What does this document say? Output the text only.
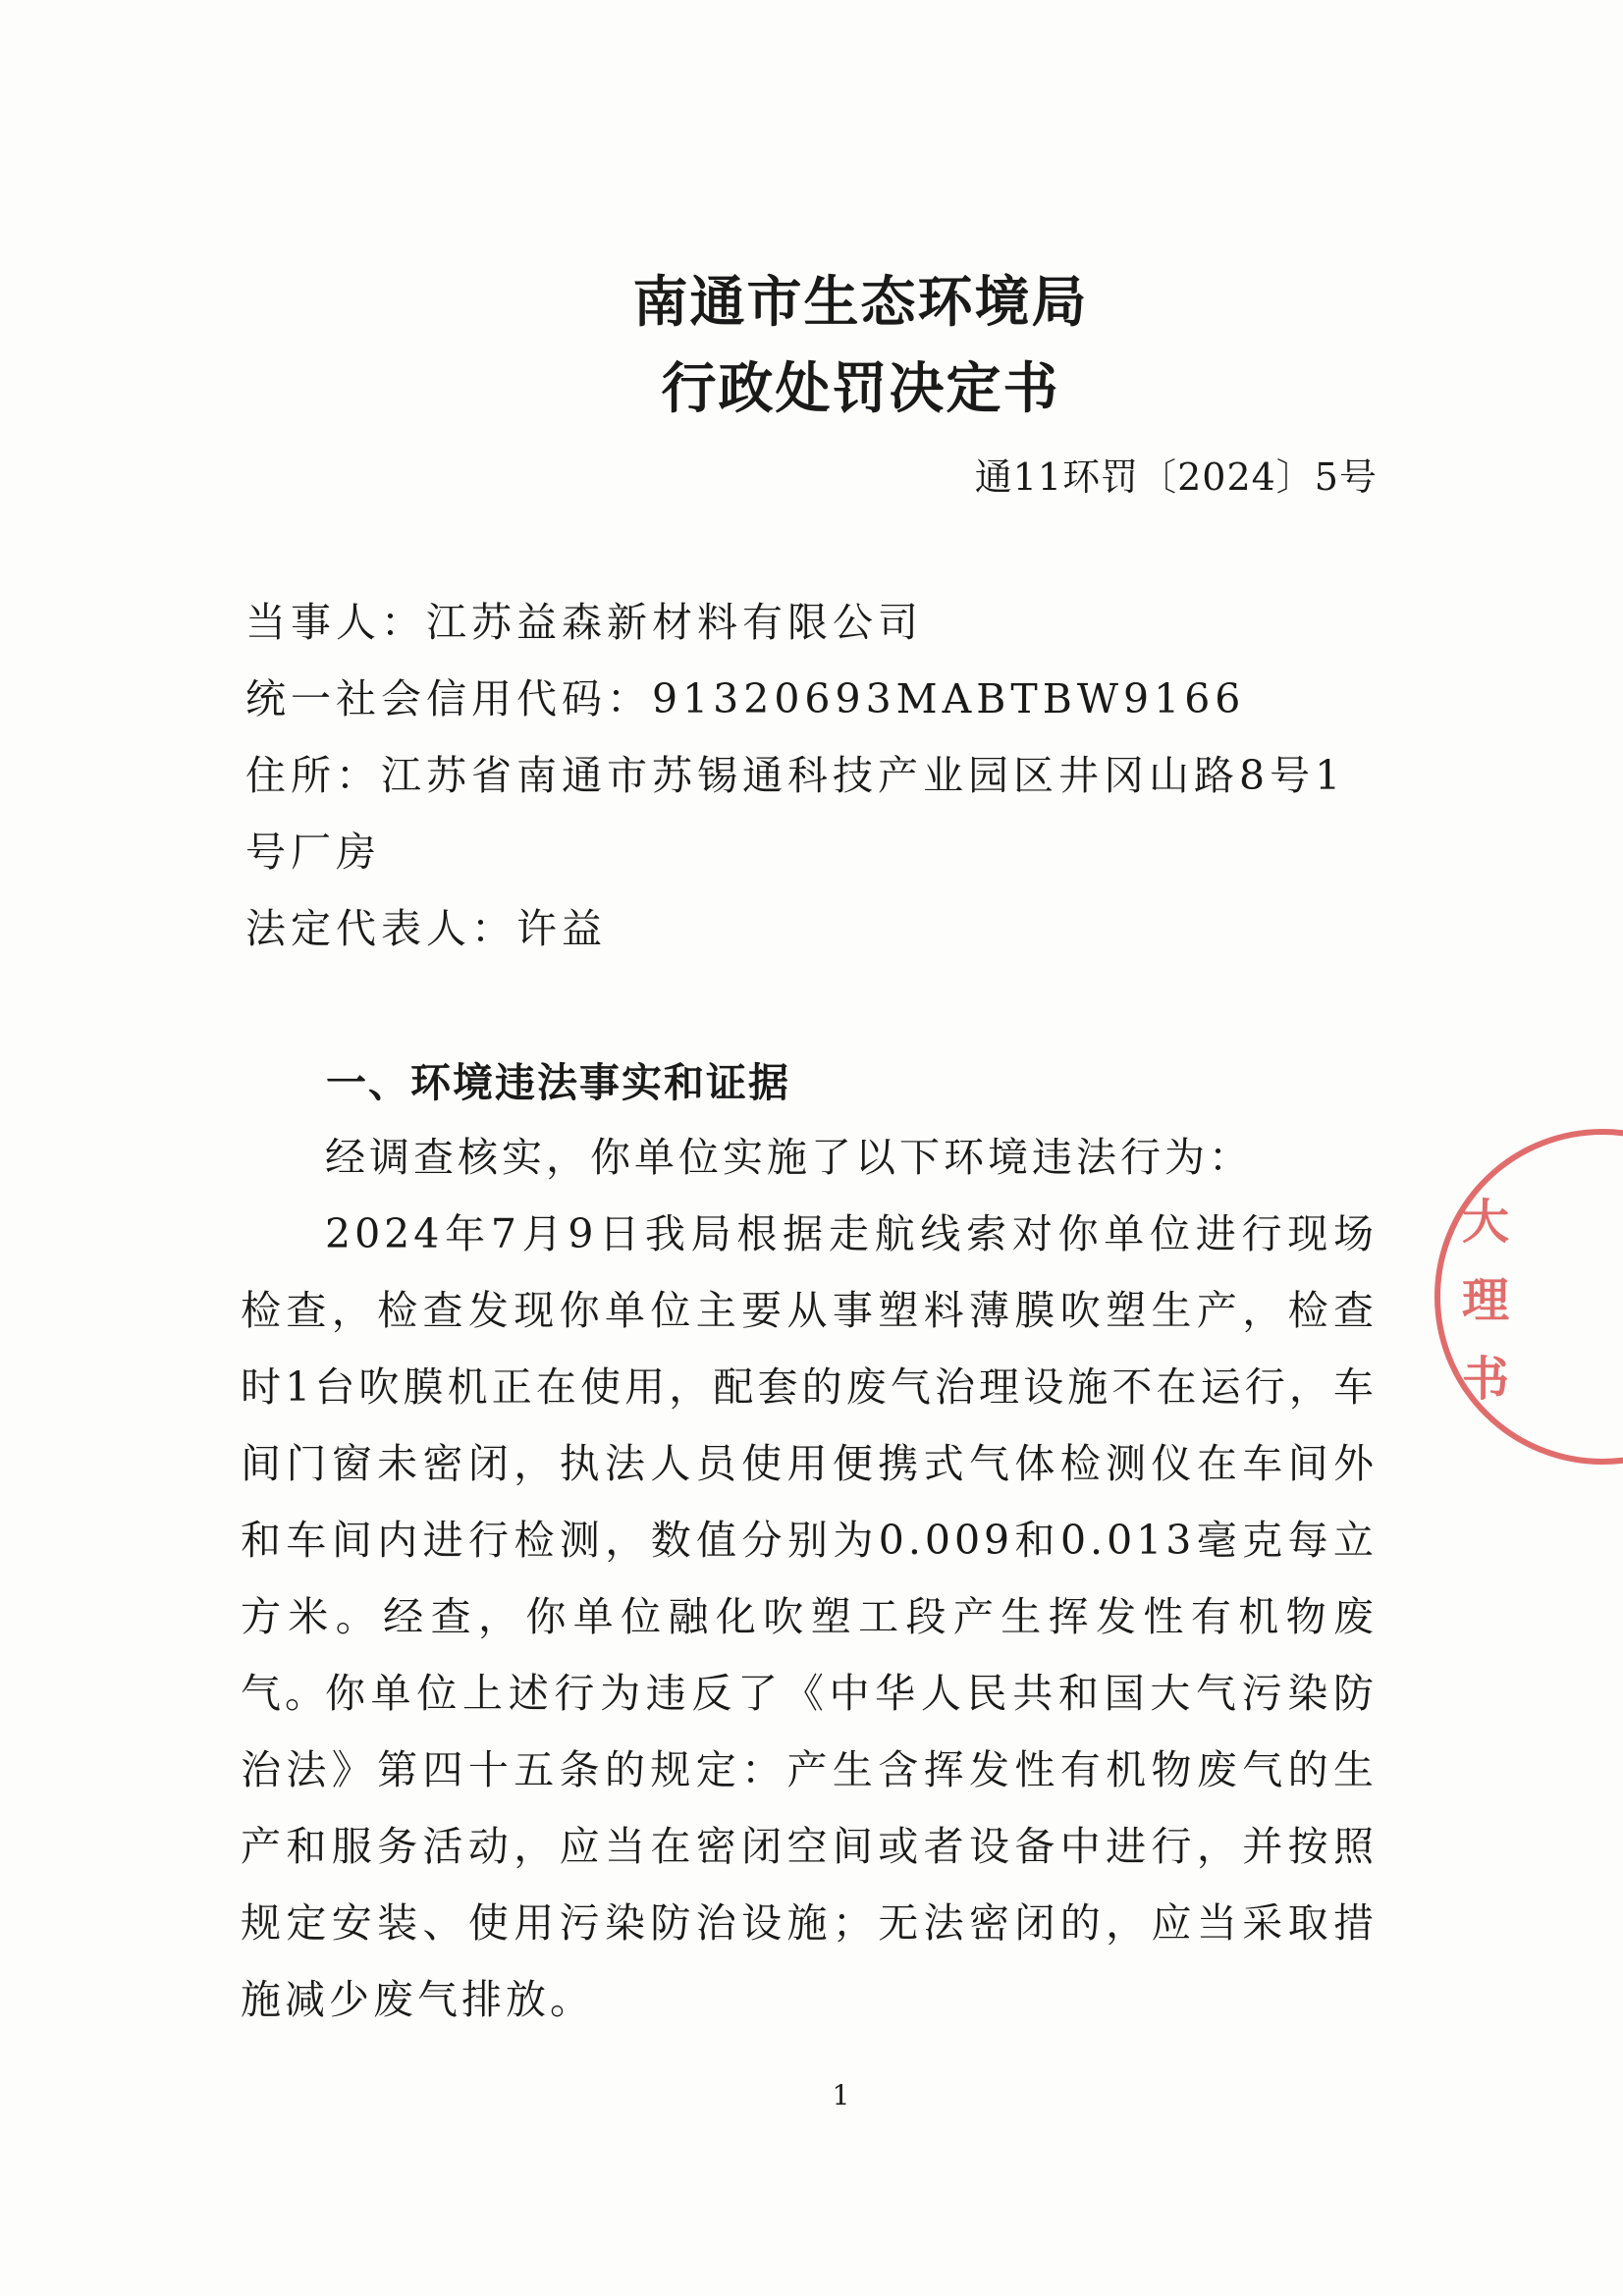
南通市生态环境局
行政处罚决定书
通11环罚〔2024〕5号
当事人：江苏益森新材料有限公司
统一社会信用代码：91320693MABTBW9166
住所：江苏省南通市苏锡通科技产业园区井冈山路8号1号厂房
法定代表人：许益
一、环境违法事实和证据
经调查核实，你单位实施了以下环境违法行为：
2024年7月9日我局根据走航线索对你单位进行现场检查，检查发现你单位主要从事塑料薄膜吹塑生产，检查时1台吹膜机正在使用，配套的废气治理设施不在运行，车间门窗未密闭，执法人员使用便携式气体检测仪在车间外和车间内进行检测，数值分别为0.009和0.013毫克每立方米。经查，你单位融化吹塑工段产生挥发性有机物废气。
你单位上述行为违反了《中华人民共和国大气污染防治法》第四十五条的规定：产生含挥发性有机物废气的生产和服务活动，应当在密闭空间或者设备中进行，并按照规定安装、使用污染防治设施；无法密闭的，应当采取措施减少废气排放。
1
大
理
书
